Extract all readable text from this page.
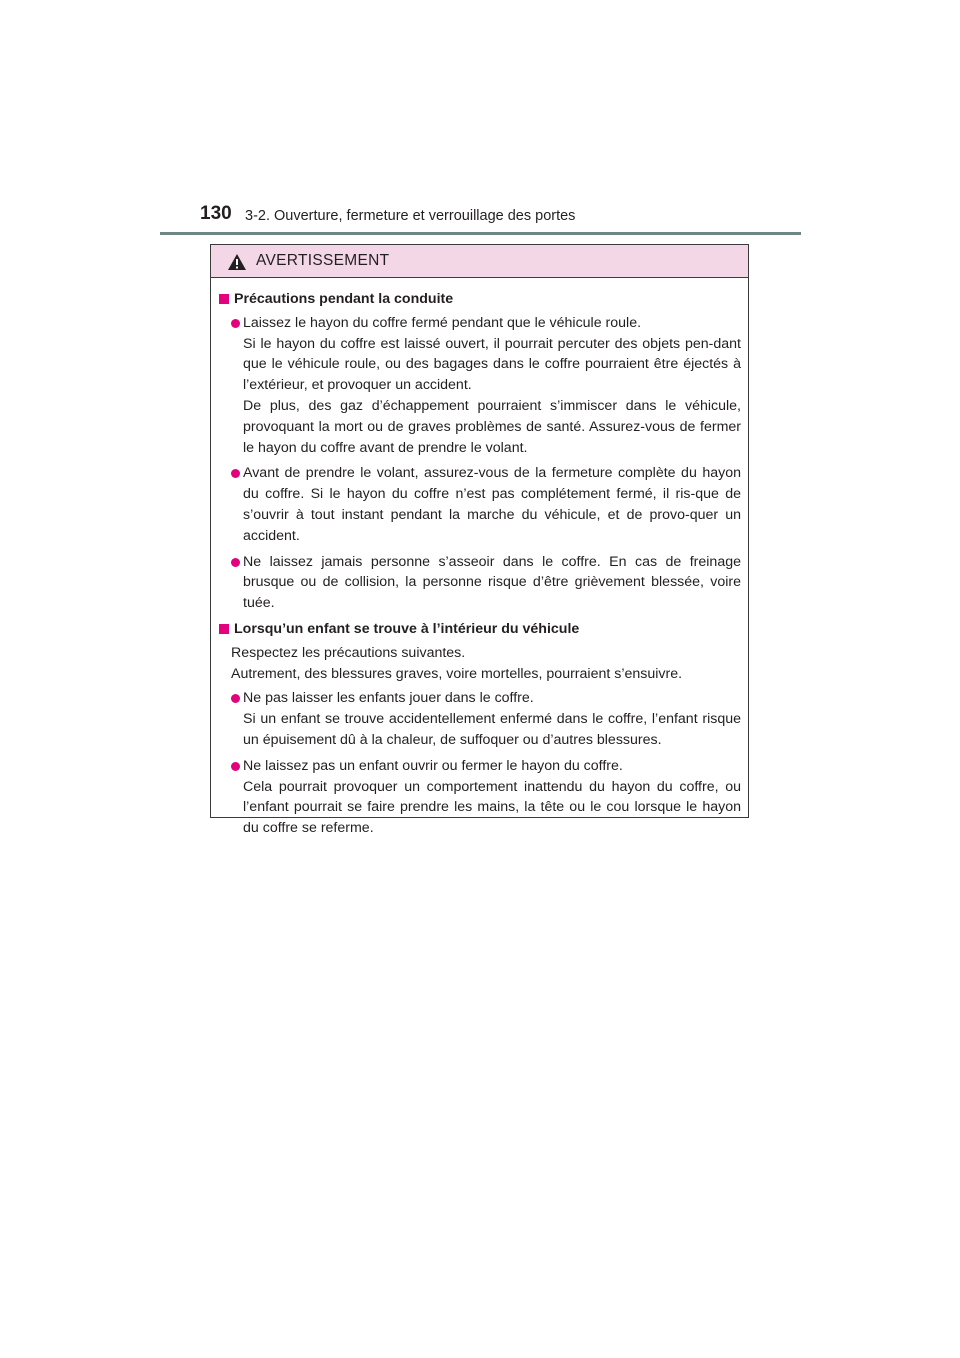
130 3-2. Ouverture, fermeture et verrouillage des portes
AVERTISSEMENT
Précautions pendant la conduite
Laissez le hayon du coffre fermé pendant que le véhicule roule.
Si le hayon du coffre est laissé ouvert, il pourrait percuter des objets pen-dant que le véhicule roule, ou des bagages dans le coffre pourraient être éjectés à l’extérieur, et provoquer un accident.
De plus, des gaz d’échappement pourraient s’immiscer dans le véhicule, provoquant la mort ou de graves problèmes de santé. Assurez-vous de fermer le hayon du coffre avant de prendre le volant.
Avant de prendre le volant, assurez-vous de la fermeture complète du hayon du coffre. Si le hayon du coffre n’est pas complétement fermé, il ris-que de s’ouvrir à tout instant pendant la marche du véhicule, et de provo-quer un accident.
Ne laissez jamais personne s’asseoir dans le coffre. En cas de freinage brusque ou de collision, la personne risque d’être grièvement blessée, voire tuée.
Lorsqu’un enfant se trouve à l’intérieur du véhicule
Respectez les précautions suivantes.
Autrement, des blessures graves, voire mortelles, pourraient s’ensuivre.
Ne pas laisser les enfants jouer dans le coffre.
Si un enfant se trouve accidentellement enfermé dans le coffre, l’enfant risque un épuisement dû à la chaleur, de suffoquer ou d’autres blessures.
Ne laissez pas un enfant ouvrir ou fermer le hayon du coffre.
Cela pourrait provoquer un comportement inattendu du hayon du coffre, ou l’enfant pourrait se faire prendre les mains, la tête ou le cou lorsque le hayon du coffre se referme.
